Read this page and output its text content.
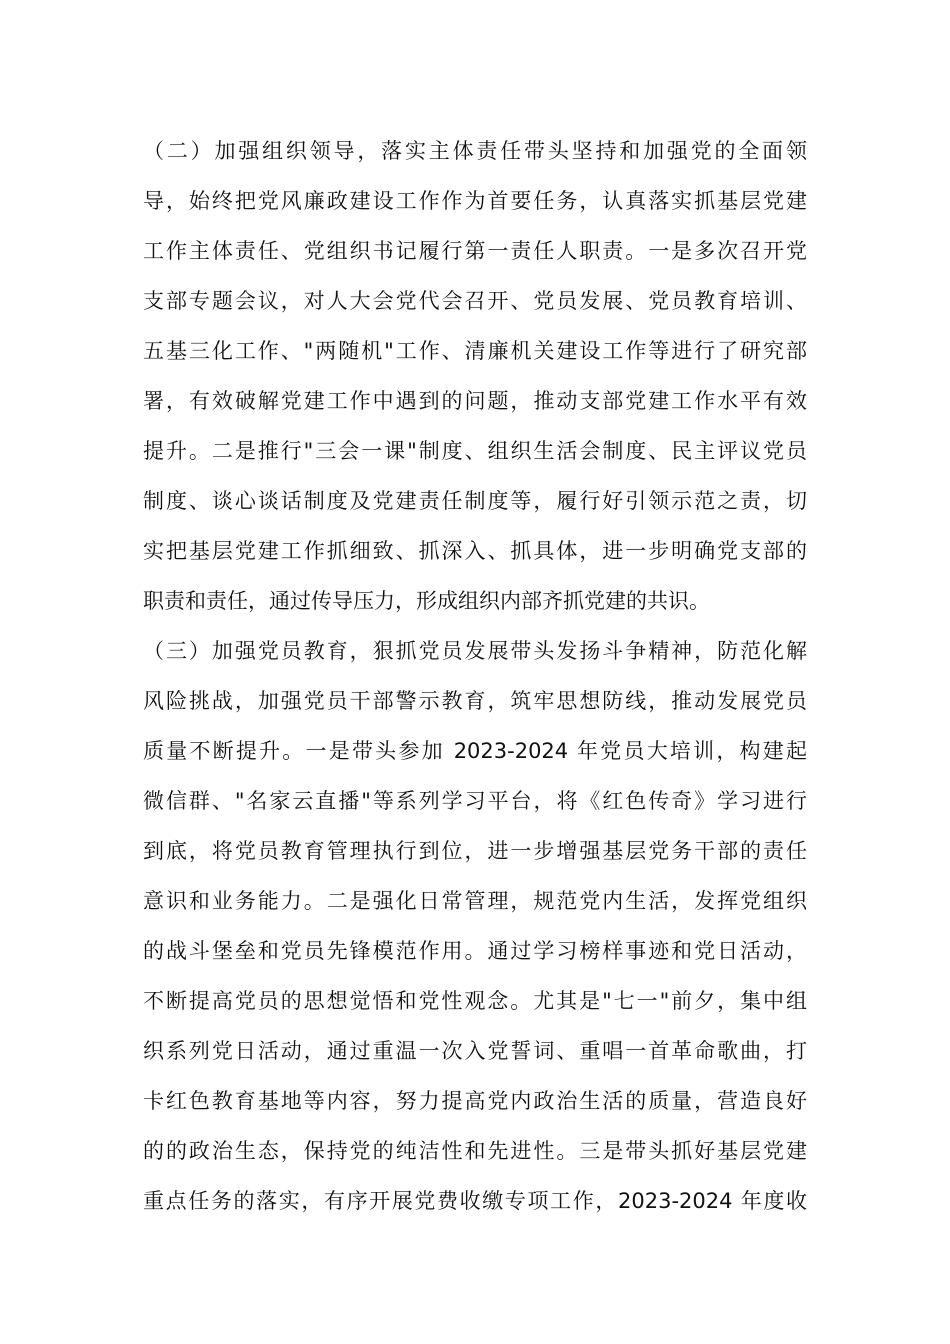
（二）加强组织领导，落实主体责任带头坚持和加强党的全面领
导，始终把党风廉政建设工作作为首要任务，认真落实抓基层党建
工作主体责任、党组织书记履行第一责任人职责。一是多次召开党
支部专题会议，对人大会党代会召开、党员发展、党员教育培训、
五基三化工作、"两随机"工作、清廉机关建设工作等进行了研究部
署，有效破解党建工作中遇到的问题，推动支部党建工作水平有效
提升。二是推行"三会一课"制度、组织生活会制度、民主评议党员
制度、谈心谈话制度及党建责任制度等，履行好引领示范之责，切
实把基层党建工作抓细致、抓深入、抓具体，进一步明确党支部的
职责和责任，通过传导压力，形成组织内部齐抓党建的共识。
（三）加强党员教育，狠抓党员发展带头发扬斗争精神，防范化解
风险挑战，加强党员干部警示教育，筑牢思想防线，推动发展党员
质量不断提升。一是带头参加 2023-2024 年党员大培训，构建起
微信群、"名家云直播"等系列学习平台，将《红色传奇》学习进行
到底，将党员教育管理执行到位，进一步增强基层党务干部的责任
意识和业务能力。二是强化日常管理，规范党内生活，发挥党组织
的战斗堡垒和党员先锋模范作用。通过学习榜样事迹和党日活动，
不断提高党员的思想觉悟和党性观念。尤其是"七一"前夕，集中组
织系列党日活动，通过重温一次入党誓词、重唱一首革命歌曲，打
卡红色教育基地等内容，努力提高党内政治生活的质量，营造良好
的的政治生态，保持党的纯洁性和先进性。三是带头抓好基层党建
重点任务的落实，有序开展党费收缴专项工作，2023-2024 年度收
